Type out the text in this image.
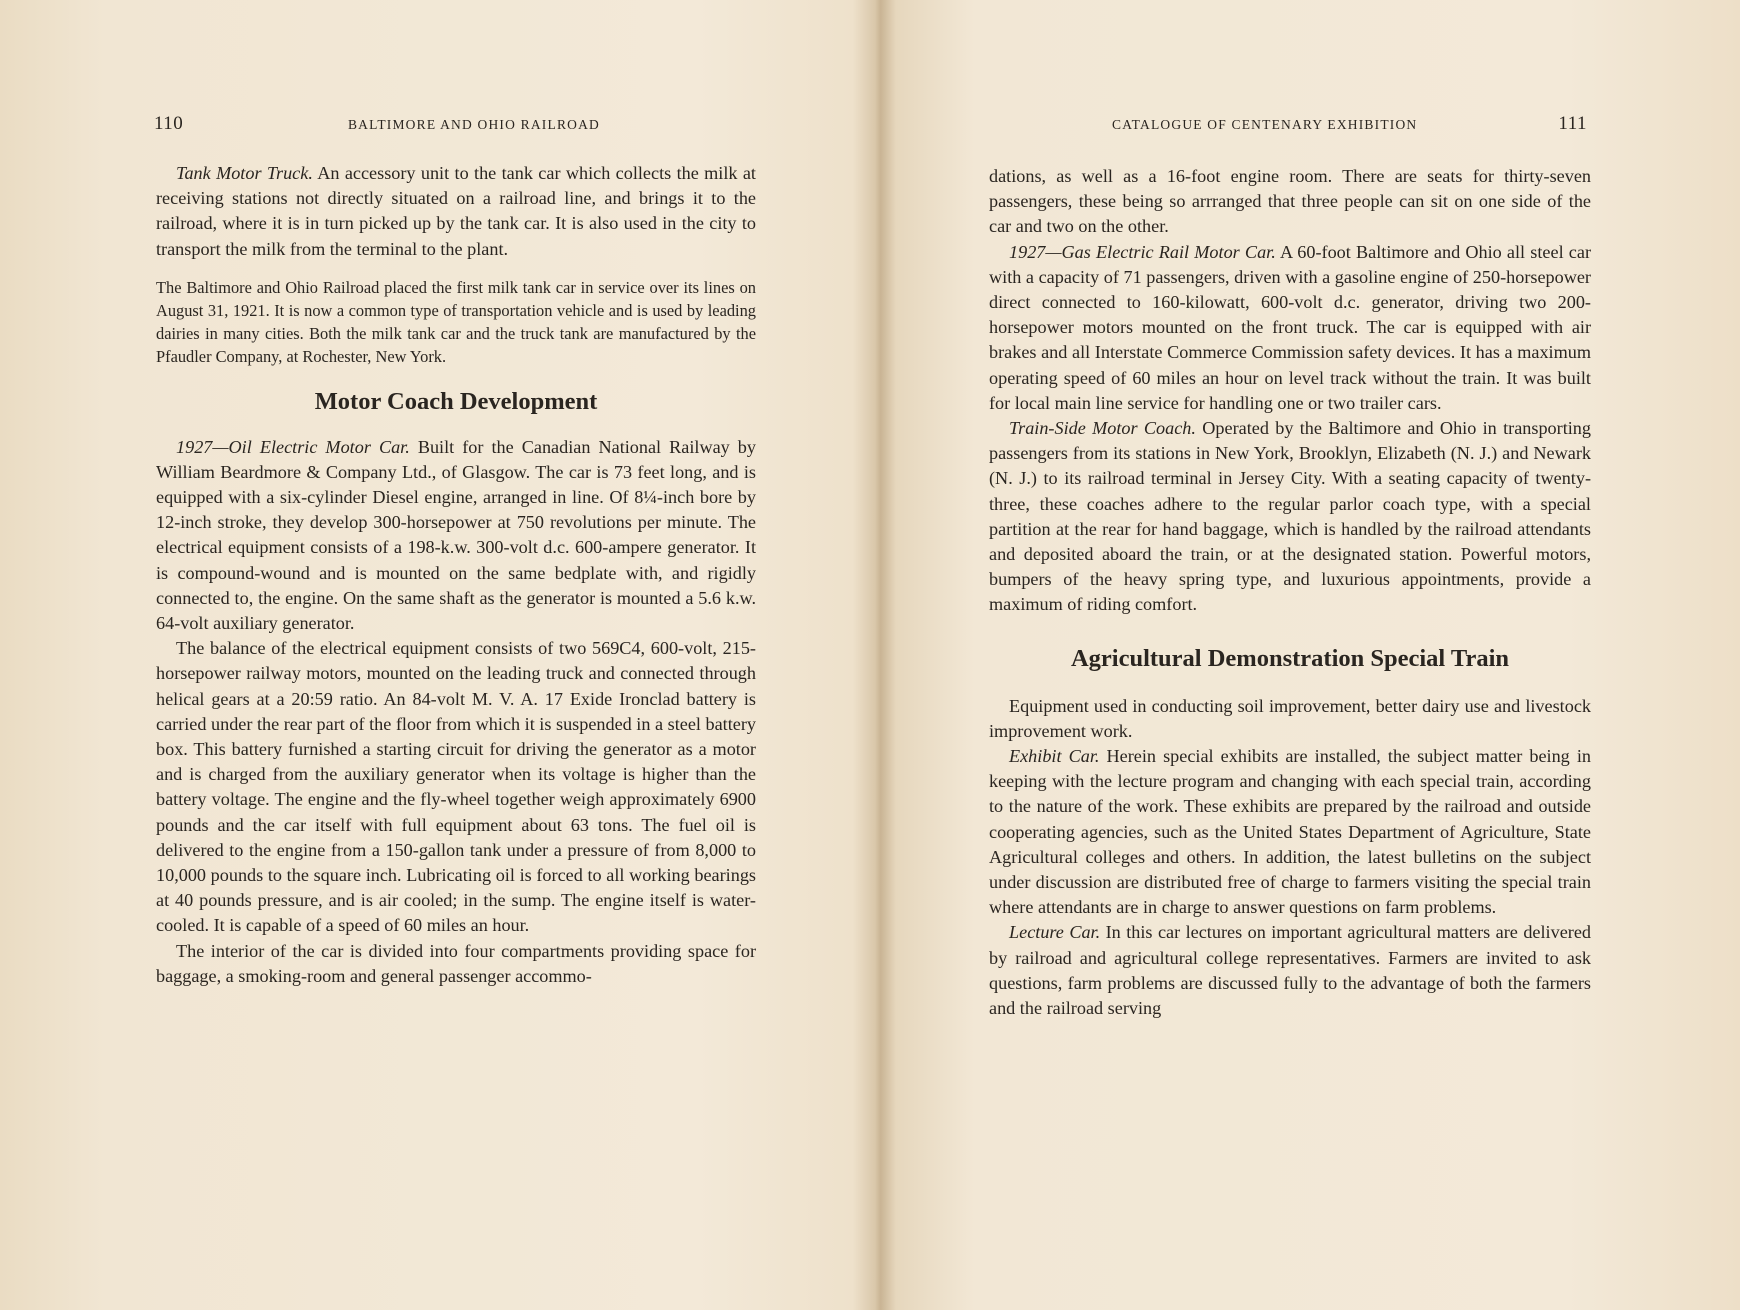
110	BALTIMORE AND OHIO RAILROAD

Tank Motor Truck. An accessory unit to the tank car which collects the milk at receiving stations not directly situated on a railroad line, and brings it to the railroad, where it is in turn picked up by the tank car. It is also used in the city to transport the milk from the terminal to the plant.

The Baltimore and Ohio Railroad placed the first milk tank car in service over its lines on August 31, 1921. It is now a common type of transportation vehicle and is used by leading dairies in many cities. Both the milk tank car and the truck tank are manufactured by the Pfaudler Company, at Rochester, New York.

Motor Coach Development

1927—Oil Electric Motor Car. Built for the Canadian National Railway by William Beardmore & Company Ltd., of Glasgow. The car is 73 feet long, and is equipped with a six-cylinder Diesel engine, arranged in line. Of 8¼-inch bore by 12-inch stroke, they develop 300-horsepower at 750 revolutions per minute. The electrical equipment consists of a 198-k.w. 300-volt d.c. 600-ampere generator. It is compound-wound and is mounted on the same bedplate with, and rigidly connected to, the engine. On the same shaft as the generator is mounted a 5.6 k.w. 64-volt auxiliary generator.

The balance of the electrical equipment consists of two 569C4, 600-volt, 215-horsepower railway motors, mounted on the leading truck and connected through helical gears at a 20:59 ratio. An 84-volt M. V. A. 17 Exide Ironclad battery is carried under the rear part of the floor from which it is suspended in a steel battery box. This battery furnished a starting circuit for driving the generator as a motor and is charged from the auxiliary generator when its voltage is higher than the battery voltage. The engine and the fly-wheel together weigh approximately 6900 pounds and the car itself with full equipment about 63 tons. The fuel oil is delivered to the engine from a 150-gallon tank under a pressure of from 8,000 to 10,000 pounds to the square inch. Lubricating oil is forced to all working bearings at 40 pounds pressure, and is air cooled; in the sump. The engine itself is water-cooled. It is capable of a speed of 60 miles an hour.

The interior of the car is divided into four compartments providing space for baggage, a smoking-room and general passenger accommo-

CATALOGUE OF CENTENARY EXHIBITION	111

dations, as well as a 16-foot engine room. There are seats for thirty-seven passengers, these being so arrranged that three people can sit on one side of the car and two on the other.

1927—Gas Electric Rail Motor Car. A 60-foot Baltimore and Ohio all steel car with a capacity of 71 passengers, driven with a gasoline engine of 250-horsepower direct connected to 160-kilowatt, 600-volt d.c. generator, driving two 200-horsepower motors mounted on the front truck. The car is equipped with air brakes and all Interstate Commerce Commission safety devices. It has a maximum operating speed of 60 miles an hour on level track without the train. It was built for local main line service for handling one or two trailer cars.

Train-Side Motor Coach. Operated by the Baltimore and Ohio in transporting passengers from its stations in New York, Brooklyn, Elizabeth (N. J.) and Newark (N. J.) to its railroad terminal in Jersey City. With a seating capacity of twenty-three, these coaches adhere to the regular parlor coach type, with a special partition at the rear for hand baggage, which is handled by the railroad attendants and deposited aboard the train, or at the designated station. Powerful motors, bumpers of the heavy spring type, and luxurious appointments, provide a maximum of riding comfort.

Agricultural Demonstration Special Train

Equipment used in conducting soil improvement, better dairy use and livestock improvement work.

Exhibit Car. Herein special exhibits are installed, the subject matter being in keeping with the lecture program and changing with each special train, according to the nature of the work. These exhibits are prepared by the railroad and outside cooperating agencies, such as the United States Department of Agriculture, State Agricultural colleges and others. In addition, the latest bulletins on the subject under discussion are distributed free of charge to farmers visiting the special train where attendants are in charge to answer questions on farm problems.

Lecture Car. In this car lectures on important agricultural matters are delivered by railroad and agricultural college representatives. Farmers are invited to ask questions, farm problems are discussed fully to the advantage of both the farmers and the railroad serving
